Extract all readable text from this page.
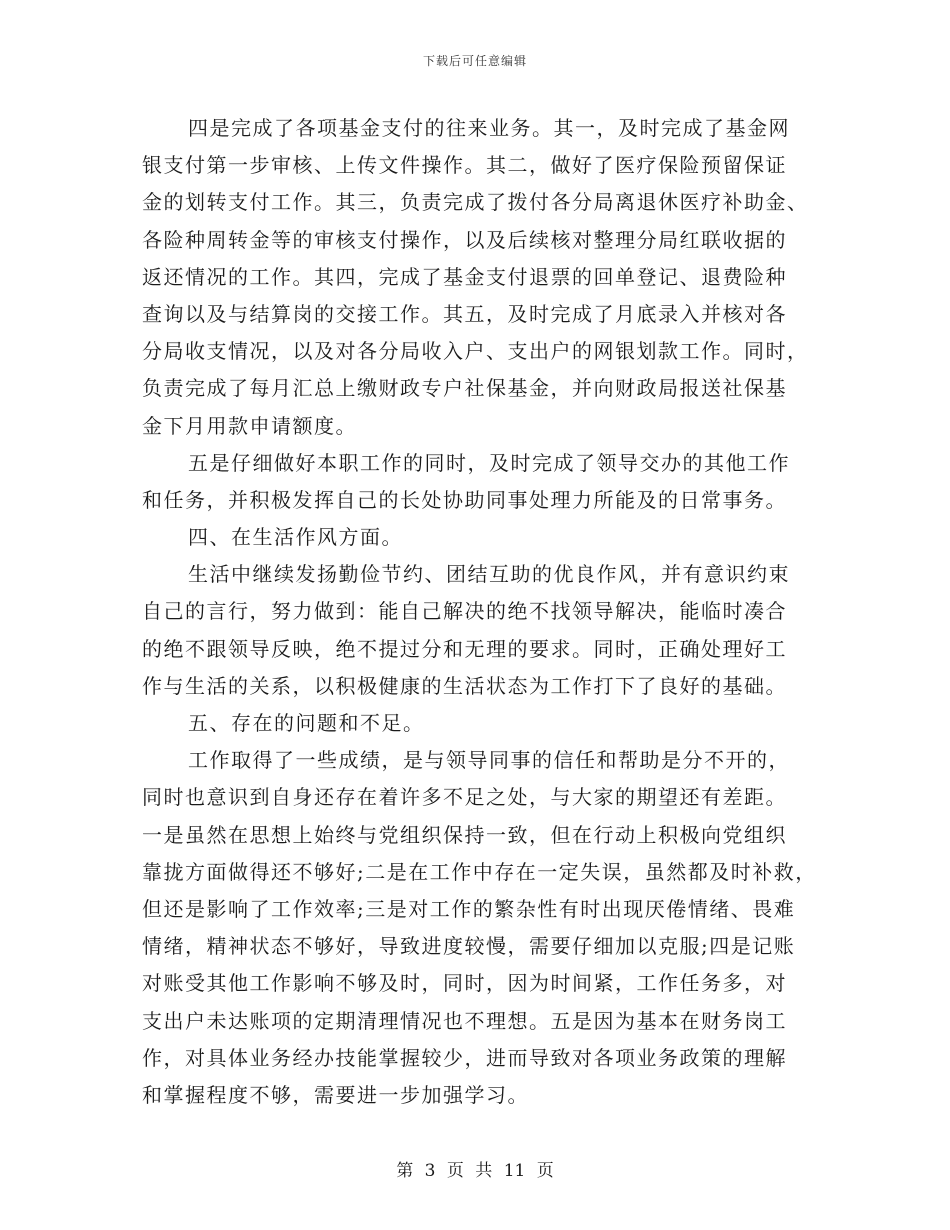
下载后可任意编辑
四是完成了各项基金支付的往来业务。其一，及时完成了基金网
银支付第一步审核、上传文件操作。其二，做好了医疗保险预留保证
金的划转支付工作。其三，负责完成了拨付各分局离退休医疗补助金、
各险种周转金等的审核支付操作，以及后续核对整理分局红联收据的
返还情况的工作。其四，完成了基金支付退票的回单登记、退费险种
查询以及与结算岗的交接工作。其五，及时完成了月底录入并核对各
分局收支情况，以及对各分局收入户、支出户的网银划款工作。同时，
负责完成了每月汇总上缴财政专户社保基金，并向财政局报送社保基
金下月用款申请额度。
五是仔细做好本职工作的同时，及时完成了领导交办的其他工作
和任务，并积极发挥自己的长处协助同事处理力所能及的日常事务。
四、在生活作风方面。
生活中继续发扬勤俭节约、团结互助的优良作风，并有意识约束
自己的言行，努力做到：能自己解决的绝不找领导解决，能临时凑合
的绝不跟领导反映，绝不提过分和无理的要求。同时，正确处理好工
作与生活的关系，以积极健康的生活状态为工作打下了良好的基础。
五、存在的问题和不足。
工作取得了一些成绩，是与领导同事的信任和帮助是分不开的，
同时也意识到自身还存在着许多不足之处，与大家的期望还有差距。
一是虽然在思想上始终与党组织保持一致，但在行动上积极向党组织
靠拢方面做得还不够好;二是在工作中存在一定失误，虽然都及时补救，
但还是影响了工作效率;三是对工作的繁杂性有时出现厌倦情绪、畏难
情绪，精神状态不够好，导致进度较慢，需要仔细加以克服;四是记账
对账受其他工作影响不够及时，同时，因为时间紧，工作任务多，对
支出户未达账项的定期清理情况也不理想。五是因为基本在财务岗工
作，对具体业务经办技能掌握较少，进而导致对各项业务政策的理解
和掌握程度不够，需要进一步加强学习。
第 3 页 共 11 页
